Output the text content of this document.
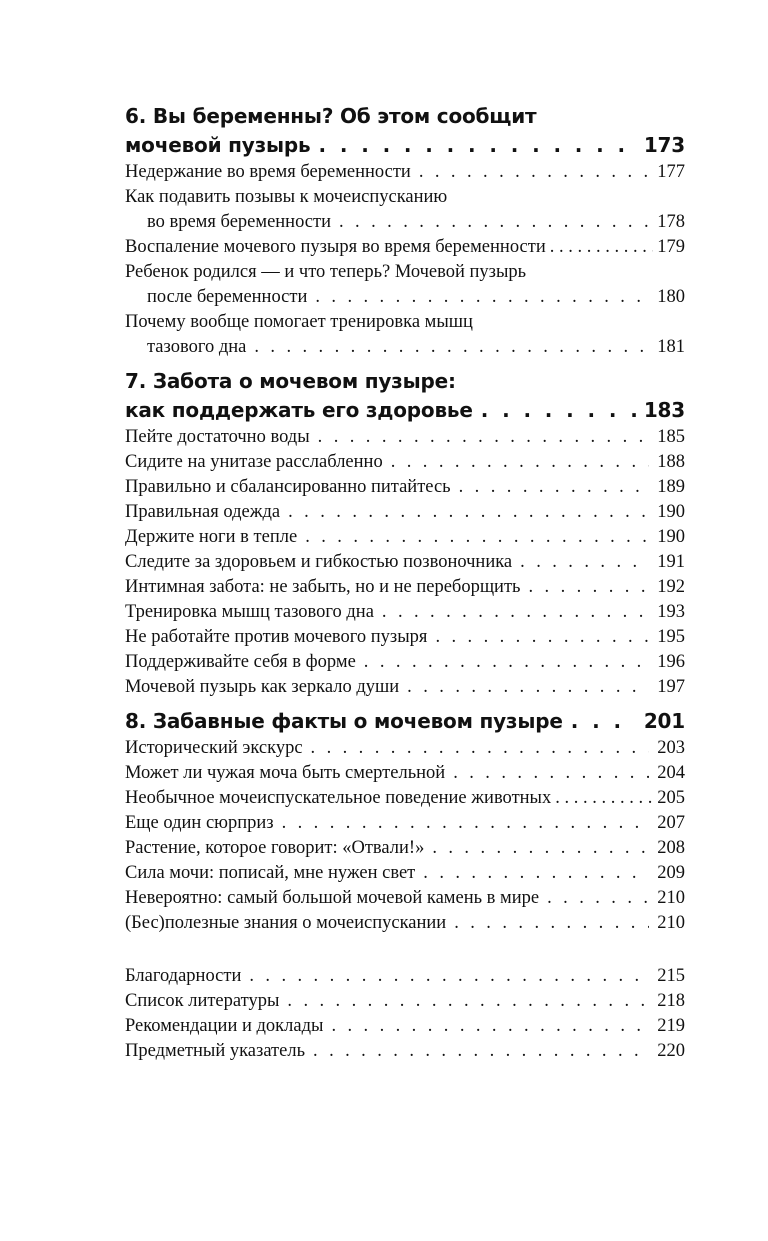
6. Вы беременны? Об этом сообщит
мочевой пузырь . . .	173
Недержание во время беременности . . .	177
Как подавить позывы к мочеиспусканию
во время беременности . . .	178
Воспаление мочевого пузыря во время беременности . . .	179
Ребенок родился — и что теперь? Мочевой пузырь
после беременности . . .	180
Почему вообще помогает тренировка мышц
тазового дна . . .	181
7. Забота о мочевом пузыре:
как поддержать его здоровье . . .	183
Пейте достаточно воды . . .	185
Сидите на унитазе расслабленно . . .	188
Правильно и сбалансированно питайтесь . . .	189
Правильная одежда . . .	190
Держите ноги в тепле . . .	190
Следите за здоровьем и гибкостью позвоночника . . .	191
Интимная забота: не забыть, но и не переборщить . . .	192
Тренировка мышц тазового дна . . .	193
Не работайте против мочевого пузыря . . .	195
Поддерживайте себя в форме . . .	196
Мочевой пузырь как зеркало души . . .	197
8. Забавные факты о мочевом пузыре . . .	201
Исторический экскурс . . .	203
Может ли чужая моча быть смертельной . . .	204
Необычное мочеиспускательное поведение животных . . .	205
Еще один сюрприз . . .	207
Растение, которое говорит: «Отвали!» . . .	208
Сила мочи: пописай, мне нужен свет . . .	209
Невероятно: самый большой мочевой камень в мире . . .	210
(Бес)полезные знания о мочеиспускании . . .	210
Благодарности . . .	215
Список литературы . . .	218
Рекомендации и доклады . . .	219
Предметный указатель . . .	220
